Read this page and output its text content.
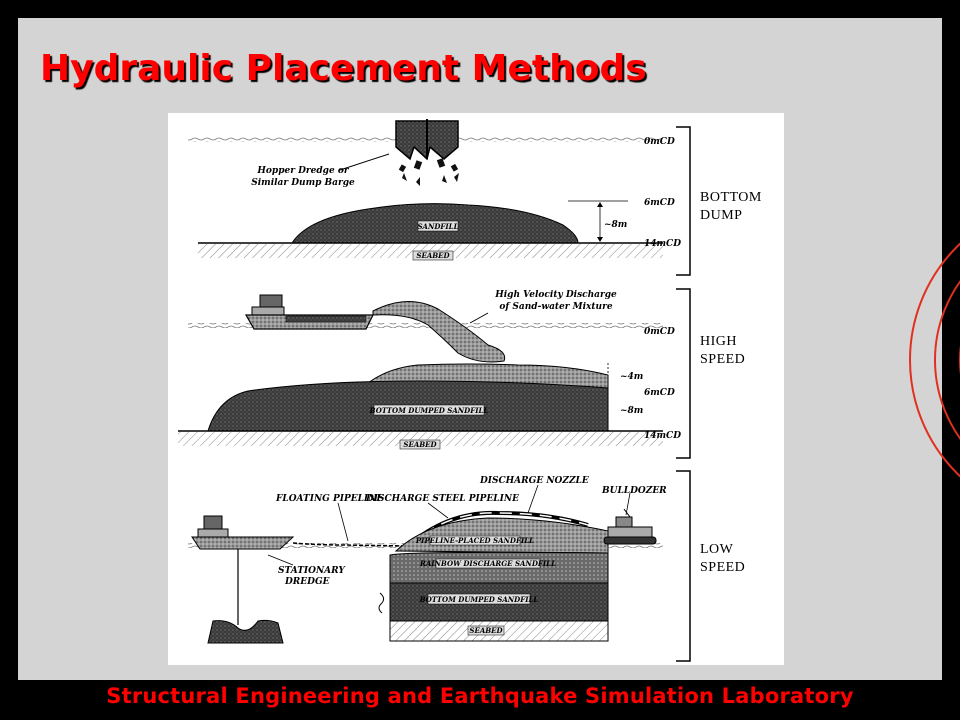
Hydraulic Placement Methods
Hopper Dredge or
Similar Dump Barge
SANDFILL
SEABED
~8m
0mCD
6mCD
14mCD
BOTTOM
DUMP
High Velocity Discharge
of Sand-water Mixture
BOTTOM DUMPED SANDFILL
SEABED
0mCD
~4m
6mCD
~8m
14mCD
HIGH
SPEED
PIPELINE-PLACED SANDFILL
RAINBOW DISCHARGE SANDFILL
BOTTOM DUMPED SANDFILL
SEABED
BULLDOZER
DISCHARGE NOZZLE
FLOATING PIPELINE
DISCHARGE STEEL PIPELINE
STATIONARY
DREDGE
LOW
SPEED
Structural Engineering and Earthquake Simulation Laboratory
